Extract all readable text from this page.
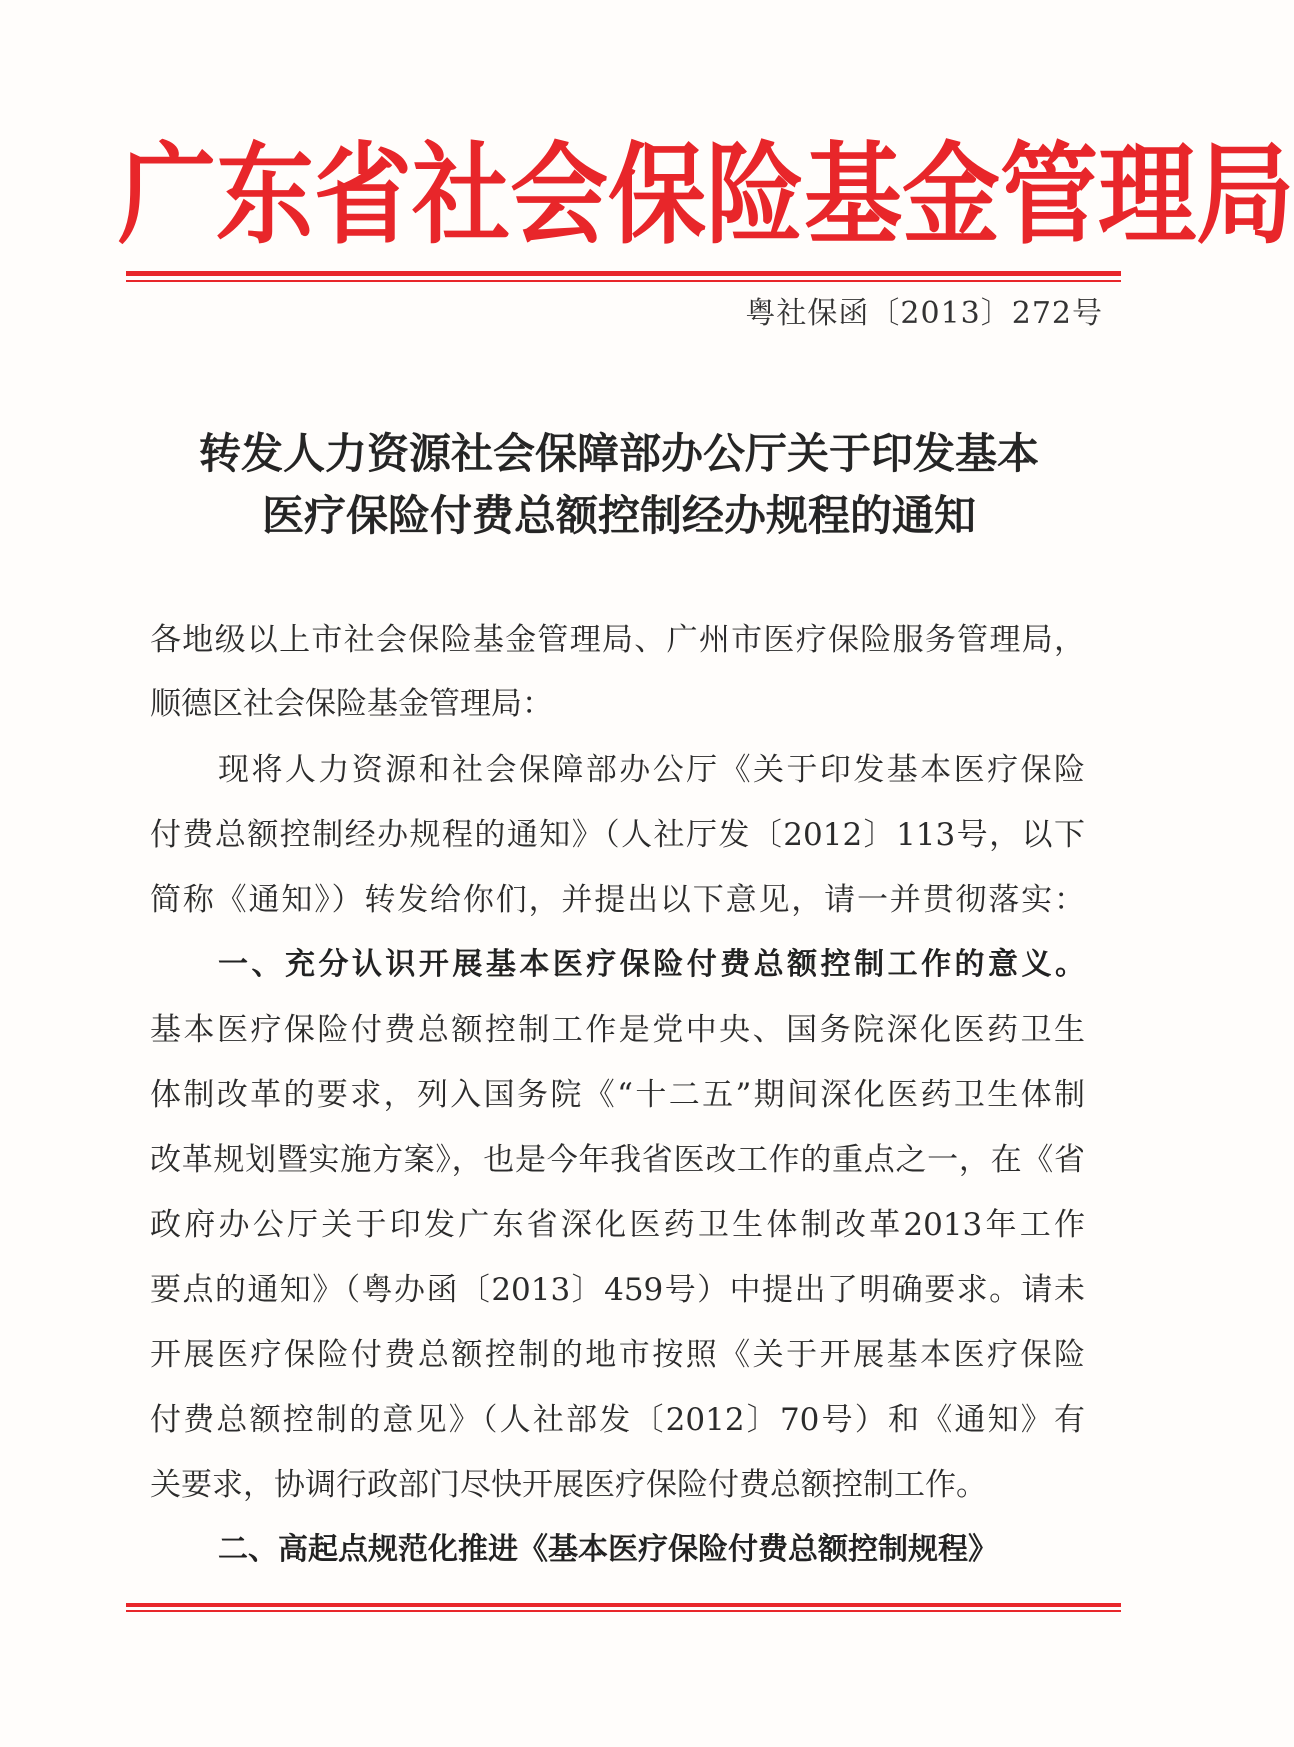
广 东 省 社 会 保 险 基 金 管 理 局
粤社保函〔2013〕272号
转发人力资源社会保障部办公厅关于印发基本
医疗保险付费总额控制经办规程的通知
各地级以上市社会保险基金管理局、广州市医疗保险服务管理局，
顺德区社会保险基金管理局：
现将人力资源和社会保障部办公厅《关于印发基本医疗保险
付费总额控制经办规程的通知》（人社厅发〔2012〕113号，以下
简称《通知》）转发给你们，并提出以下意见，请一并贯彻落实：
一、充分认识开展基本医疗保险付费总额控制工作的意义。
基本医疗保险付费总额控制工作是党中央、国务院深化医药卫生
体制改革的要求，列入国务院《“十二五”期间深化医药卫生体制
改革规划暨实施方案》，也是今年我省医改工作的重点之一，在《省
政府办公厅关于印发广东省深化医药卫生体制改革2013年工作
要点的通知》（粤办函〔2013〕459号）中提出了明确要求。请未
开展医疗保险付费总额控制的地市按照《关于开展基本医疗保险
付费总额控制的意见》（人社部发〔2012〕70号）和《通知》有
关要求，协调行政部门尽快开展医疗保险付费总额控制工作。
二、高起点规范化推进《基本医疗保险付费总额控制规程》
